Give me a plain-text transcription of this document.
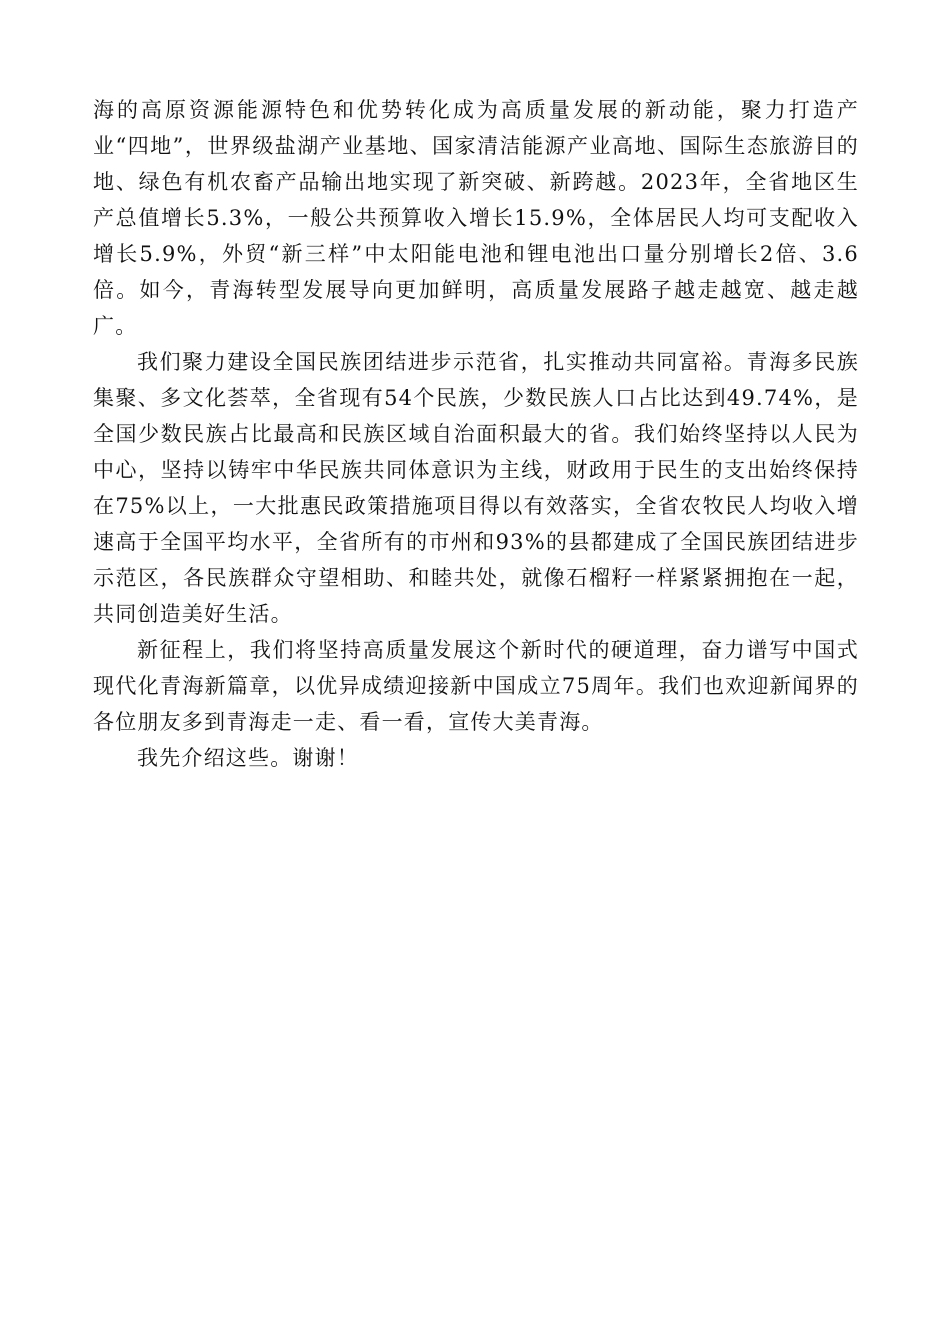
海的高原资源能源特色和优势转化成为高质量发展的新动能，聚力打造产业“四地”，世界级盐湖产业基地、国家清洁能源产业高地、国际生态旅游目的地、绿色有机农畜产品输出地实现了新突破、新跨越。2023年，全省地区生产总值增长5.3%，一般公共预算收入增长15.9%，全体居民人均可支配收入增长5.9%，外贸“新三样”中太阳能电池和锂电池出口量分别增长2倍、3.6倍。如今，青海转型发展导向更加鲜明，高质量发展路子越走越宽、越走越广。

我们聚力建设全国民族团结进步示范省，扎实推动共同富裕。青海多民族集聚、多文化荟萃，全省现有54个民族，少数民族人口占比达到49.74%，是全国少数民族占比最高和民族区域自治面积最大的省。我们始终坚持以人民为中心，坚持以铸牢中华民族共同体意识为主线，财政用于民生的支出始终保持在75%以上，一大批惠民政策措施项目得以有效落实，全省农牧民人均收入增速高于全国平均水平，全省所有的市州和93%的县都建成了全国民族团结进步示范区，各民族群众守望相助、和睦共处，就像石榴籽一样紧紧拥抱在一起，共同创造美好生活。

新征程上，我们将坚持高质量发展这个新时代的硬道理，奋力谱写中国式现代化青海新篇章，以优异成绩迎接新中国成立75周年。我们也欢迎新闻界的各位朋友多到青海走一走、看一看，宣传大美青海。

我先介绍这些。谢谢！
